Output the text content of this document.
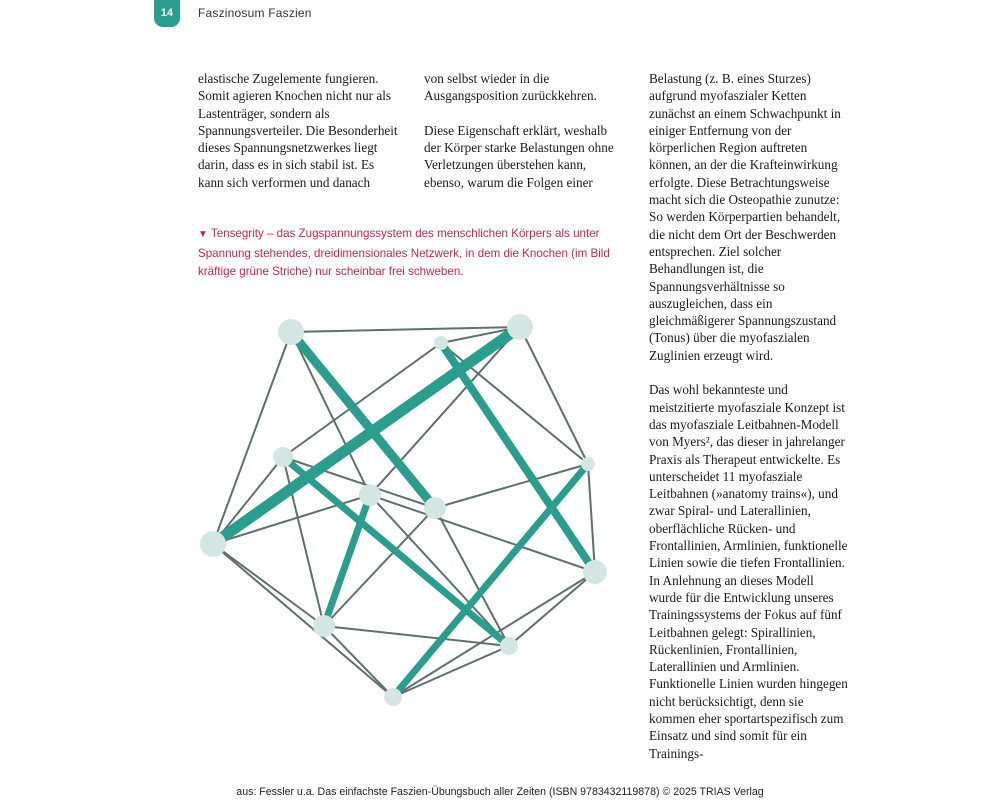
14	Faszinosum Faszien

elastische Zugelemente fungieren. Somit agieren Knochen nicht nur als Lastenträger, sondern als Spannungsverteiler. Die Besonderheit dieses Spannungsnetzwerkes liegt darin, dass es in sich stabil ist. Es kann sich verformen und danach

von selbst wieder in die Ausgangsposition zurückkehren.

Diese Eigenschaft erklärt, weshalb der Körper starke Belastungen ohne Verletzungen überstehen kann, ebenso, warum die Folgen einer

Belastung (z. B. eines Sturzes) aufgrund myofaszialer Ketten zunächst an einem Schwachpunkt in einiger Entfernung von der körperlichen Region auftreten können, an der die Krafteinwirkung erfolgte. Diese Betrachtungsweise macht sich die Osteopathie zunutze: So werden Körperpartien behandelt, die nicht dem Ort der Beschwerden entsprechen. Ziel solcher Behandlungen ist, die Spannungsverhältnisse so auszugleichen, dass ein gleichmäßigerer Spannungszustand (Tonus) über die myofaszialen Zuglinien erzeugt wird.

Das wohl bekannteste und meistzitierte myofasziale Konzept ist das myofasziale Leitbahnen-Modell von Myers², das dieser in jahrelanger Praxis als Therapeut entwickelte. Es unterscheidet 11 myofasziale Leitbahnen (»anatomy trains«), und zwar Spiral- und Laterallinien, oberflächliche Rücken- und Frontallinien, Armlinien, funktionelle Linien sowie die tiefen Frontallinien. In Anlehnung an dieses Modell wurde für die Entwicklung unseres Trainingssystems der Fokus auf fünf Leitbahnen gelegt: Spirallinien, Rückenlinien, Frontallinien, Laterallinien und Armlinien. Funktionelle Linien wurden hingegen nicht berücksichtigt, denn sie kommen eher sportartspezifisch zum Einsatz und sind somit für ein Trainings-

▼ Tensegrity – das Zugspannungssystem des menschlichen Körpers als unter Spannung stehendes, dreidimensionales Netzwerk, in dem die Knochen (im Bild kräftige grüne Striche) nur scheinbar frei schweben.
aus: Fessler u.a. Das einfachste Faszien-Übungsbuch aller Zeiten (ISBN 9783432119878) © 2025 TRIAS Verlag
